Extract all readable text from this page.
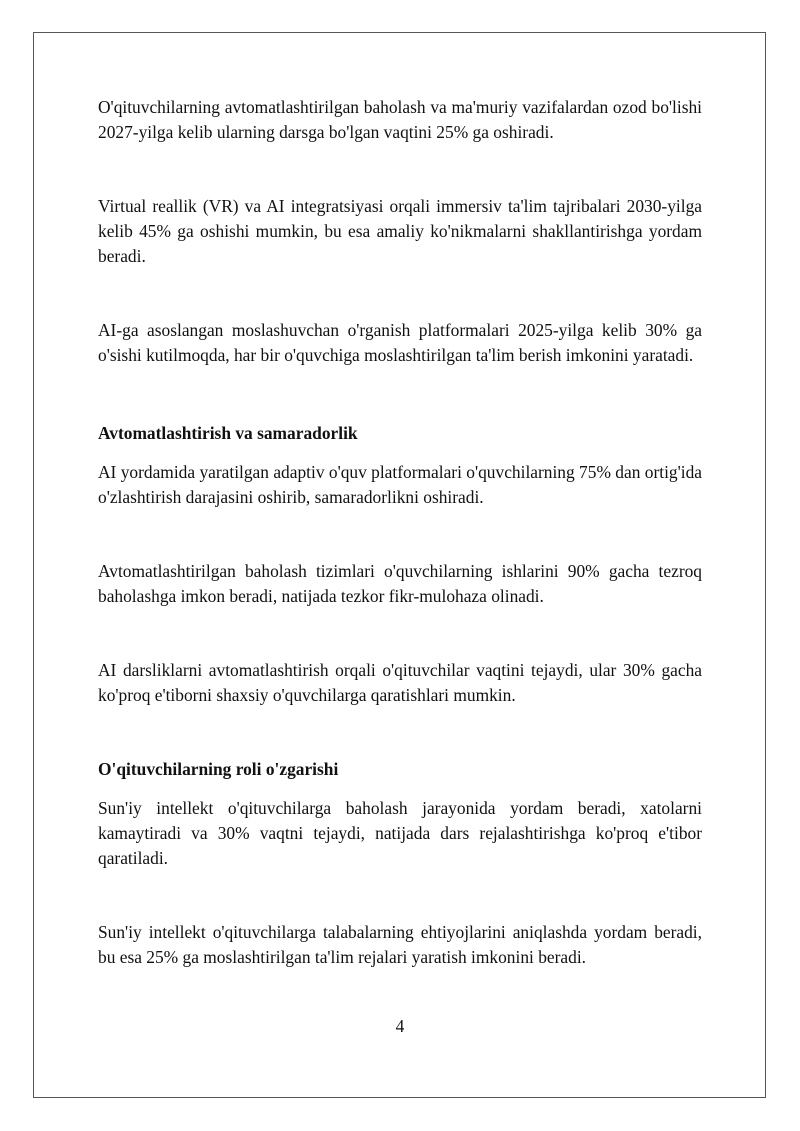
O'qituvchilarning avtomatlashtirilgan baholash va ma'muriy vazifalardan ozod bo'lishi 2027-yilga kelib ularning darsga bo'lgan vaqtini 25% ga oshiradi.

Virtual reallik (VR) va AI integratsiyasi orqali immersiv ta'lim tajribalari 2030-yilga kelib 45% ga oshishi mumkin, bu esa amaliy ko'nikmalarni shakllantirishga yordam beradi.

AI-ga asoslangan moslashuvchan o'rganish platformalari 2025-yilga kelib 30% ga o'sishi kutilmoqda, har bir o'quvchiga moslashtirilgan ta'lim berish imkonini yaratadi.

Avtomatlashtirish va samaradorlik

AI yordamida yaratilgan adaptiv o'quv platformalari o'quvchilarning 75% dan ortig'ida o'zlashtirish darajasini oshirib, samaradorlikni oshiradi.

Avtomatlashtirilgan baholash tizimlari o'quvchilarning ishlarini 90% gacha tezroq baholashga imkon beradi, natijada tezkor fikr-mulohaza olinadi.

AI darsliklarni avtomatlashtirish orqali o'qituvchilar vaqtini tejaydi, ular 30% gacha ko'proq e'tiborni shaxsiy o'quvchilarga qaratishlari mumkin.

O'qituvchilarning roli o'zgarishi

Sun'iy intellekt o'qituvchilarga baholash jarayonida yordam beradi, xatolarni kamaytiradi va 30% vaqtni tejaydi, natijada dars rejalashtirishga ko'proq e'tibor qaratiladi.

Sun'iy intellekt o'qituvchilarga talabalarning ehtiyojlarini aniqlashda yordam beradi, bu esa 25% ga moslashtirilgan ta'lim rejalari yaratish imkonini beradi.

4
